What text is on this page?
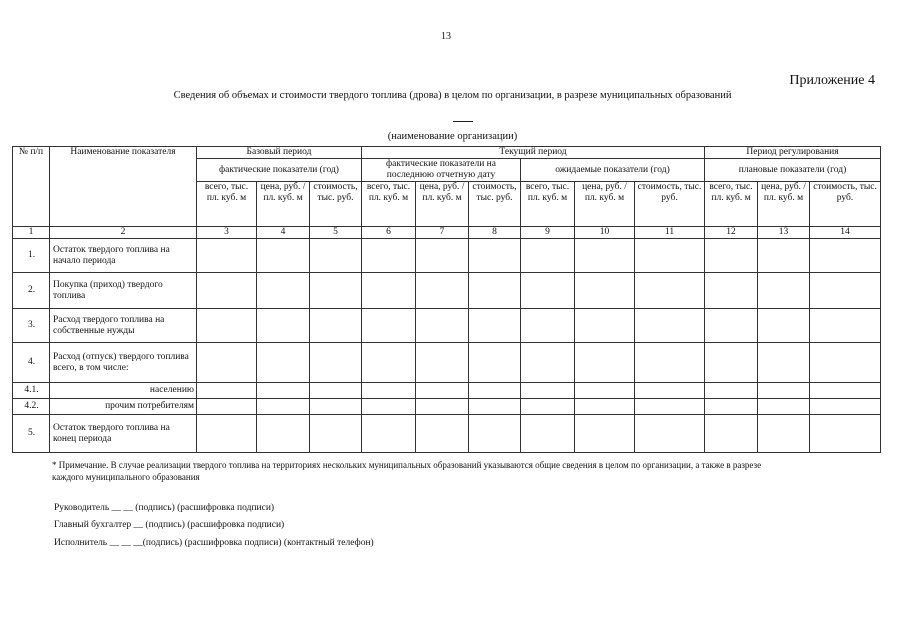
13
Приложение 4
Сведения об объемах и стоимости твердого топлива (дрова) в целом по организации, в разрезе муниципальных образований
(наименование организации)
№ п/п	Наименование показателя	Базовый период			Текущий период						Период регулирования		
		фактические показатели (год)			фактические показатели на последнюю отчетную дату			ожидаемые показатели (год)			плановые показатели (год)		
		всего, тыс. пл. куб. м	цена, руб. / пл. куб. м	стоимость, тыс. руб.	всего, тыс. пл. куб. м	цена, руб. / пл. куб. м	стоимость, тыс. руб.	всего, тыс. пл. куб. м	цена, руб. / пл. куб. м	стоимость, тыс. руб.	всего, тыс. пл. куб. м	цена, руб. / пл. куб. м	стоимость, тыс. руб.
1	2	3	4	5	6	7	8	9	10	11	12	13	14
1.	Остаток твердого топлива на начало периода												
2.	Покупка (приход) твердого топлива												
3.	Расход твердого топлива на собственные нужды												
4.	Расход (отпуск) твердого топлива всего, в том числе:												
4.1.	населению												
4.2.	прочим потребителям												
5.	Остаток твердого топлива на конец периода												
* Примечание. В случае реализации твердого топлива на территориях нескольких муниципальных образований указываются общие сведения в целом по организации, а также в разрезе каждого муниципального образования
Руководитель __ __ (подпись) (расшифровка подписи)
Главный бухгалтер __ (подпись) (расшифровка подписи)
Исполнитель __ __ __(подпись) (расшифровка подписи) (контактный телефон)
